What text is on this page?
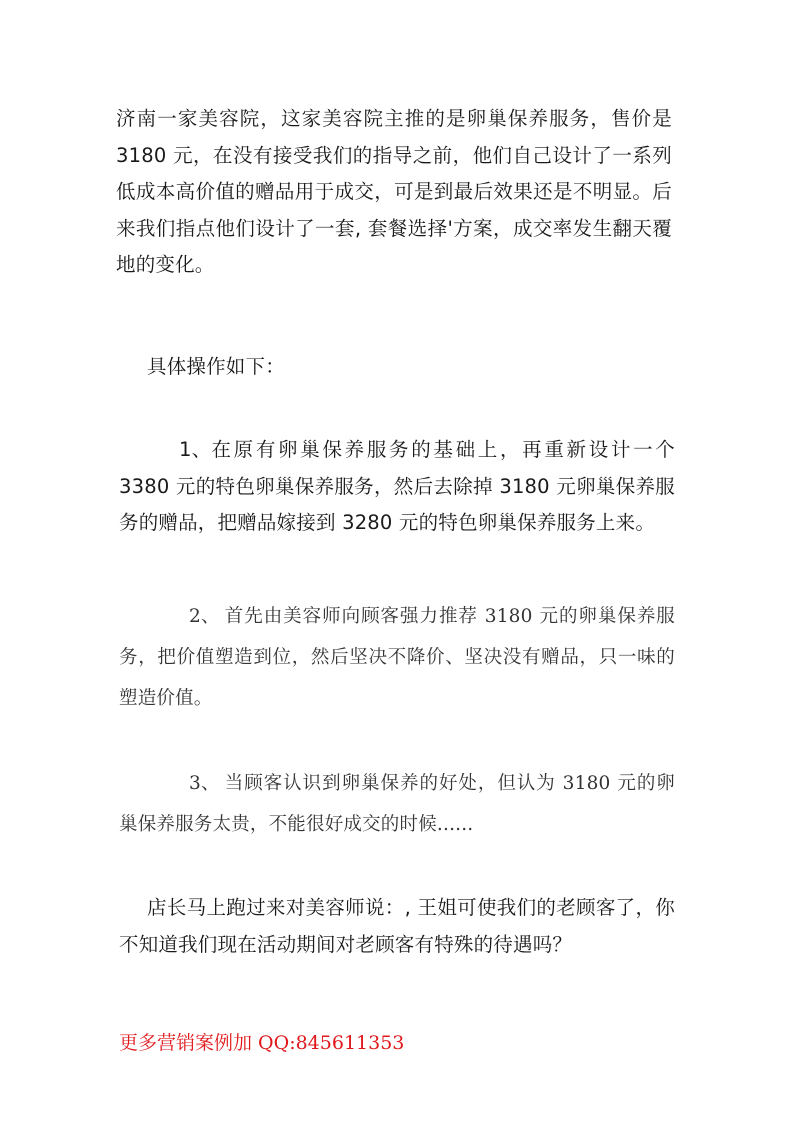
济南一家美容院，这家美容院主推的是卵巢保养服务，售价是 3180 元，在没有接受我们的指导之前，他们自己设计了一系列低成本高价值的赠品用于成交，可是到最后效果还是不明显。后来我们指点他们设计了一套, 套餐选择'方案，成交率发生翻天覆地的变化。

具体操作如下：

1、在原有卵巢保养服务的基础上，再重新设计一个 3380 元的特色卵巢保养服务，然后去除掉 3180 元卵巢保养服务的赠品，把赠品嫁接到 3280 元的特色卵巢保养服务上来。

2、 首先由美容师向顾客强力推荐 3180 元的卵巢保养服务，把价值塑造到位，然后坚决不降价、坚决没有赠品，只一味的塑造价值。

3、 当顾客认识到卵巢保养的好处，但认为 3180 元的卵巢保养服务太贵，不能很好成交的时候......

店长马上跑过来对美容师说：, 王姐可使我们的老顾客了，你不知道我们现在活动期间对老顾客有特殊的待遇吗？

更多营销案例加 QQ:845611353
